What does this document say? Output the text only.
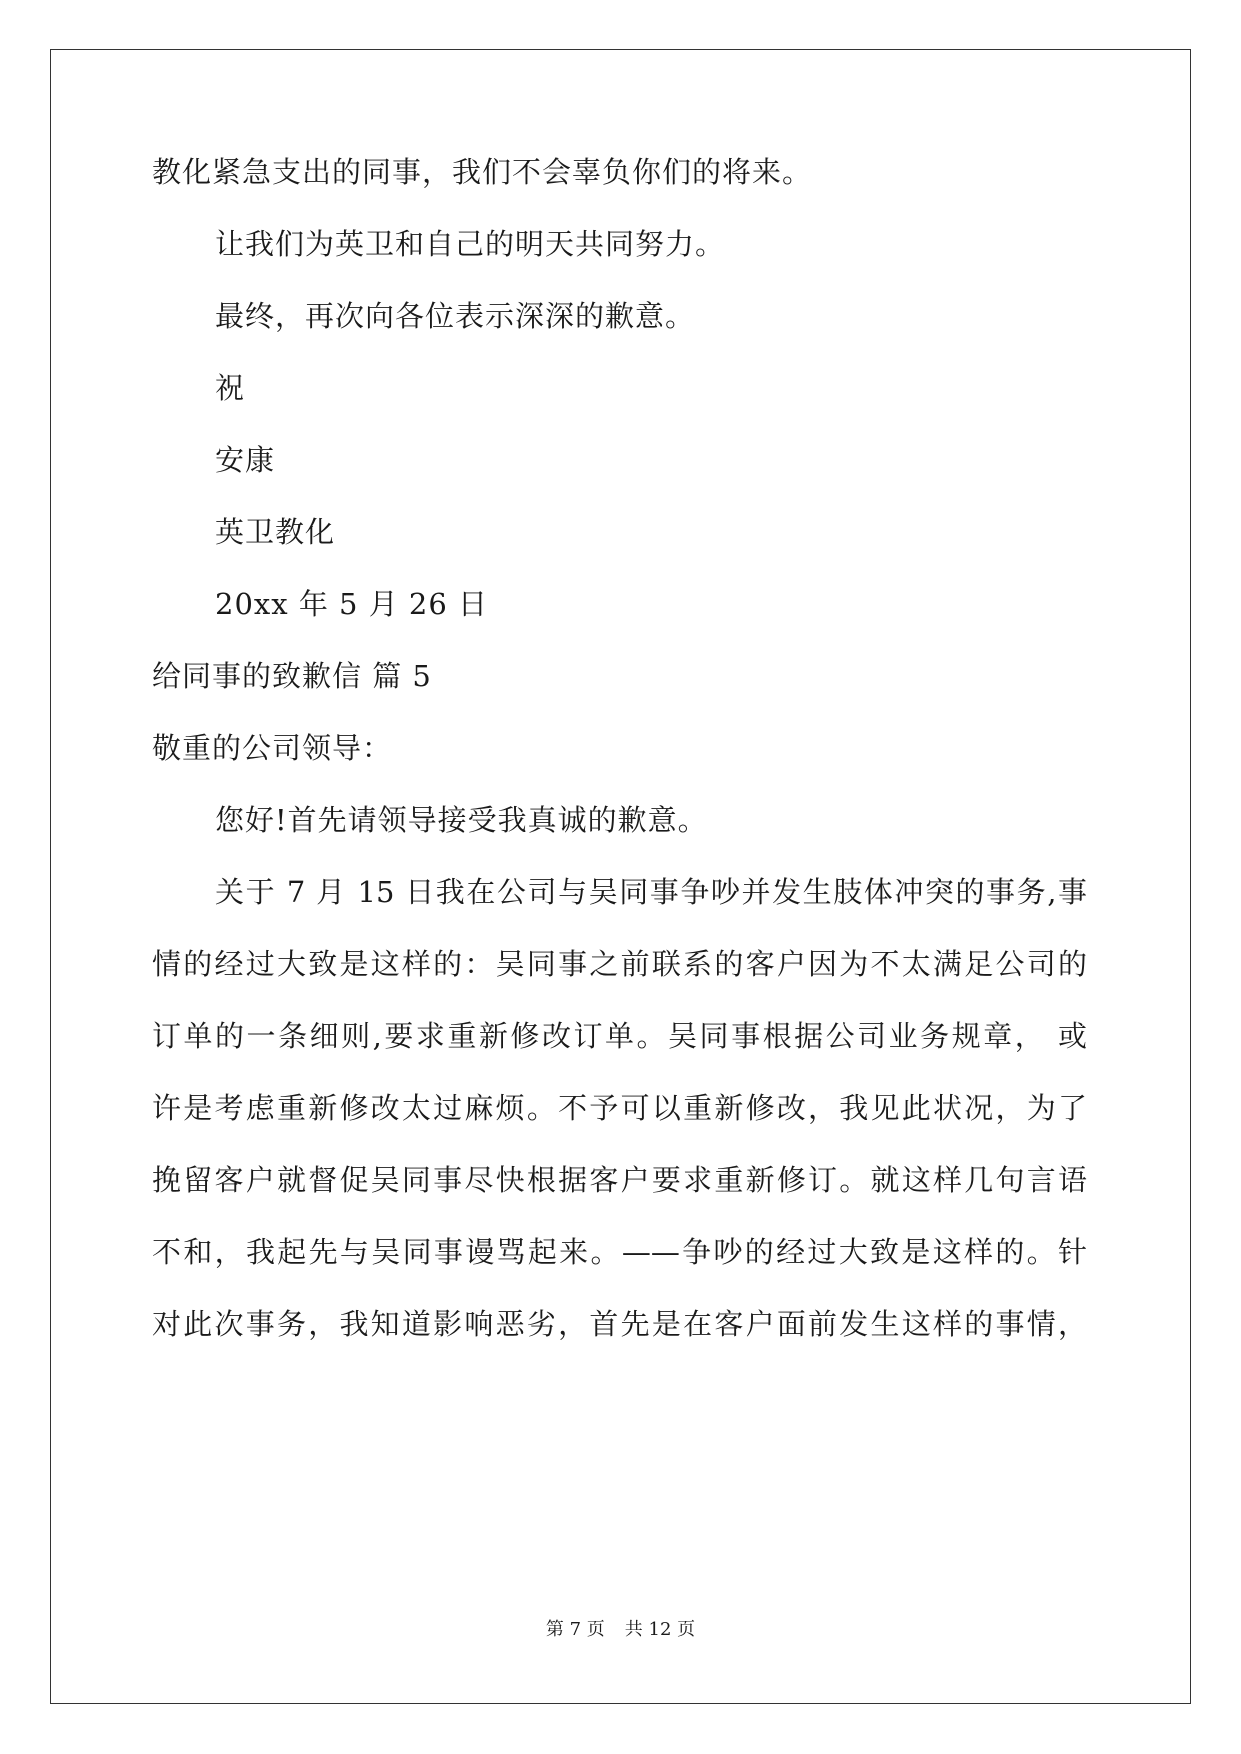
教化紧急支出的同事，我们不会辜负你们的将来。
让我们为英卫和自己的明天共同努力。
最终，再次向各位表示深深的歉意。
祝
安康
英卫教化
20xx 年 5 月 26 日
给同事的致歉信 篇 5
敬重的公司领导：
您好!首先请领导接受我真诚的歉意。
关于 7 月 15 日我在公司与吴同事争吵并发生肢体冲突的事务,事
情的经过大致是这样的：吴同事之前联系的客户因为不太满足公司的
订单的一条细则,要求重新修改订单。吴同事根据公司业务规章， 或
许是考虑重新修改太过麻烦。不予可以重新修改，我见此状况，为了
挽留客户就督促吴同事尽快根据客户要求重新修订。就这样几句言语
不和，我起先与吴同事谩骂起来。——争吵的经过大致是这样的。针
对此次事务，我知道影响恶劣，首先是在客户面前发生这样的事情，
第 7 页 共 12 页
